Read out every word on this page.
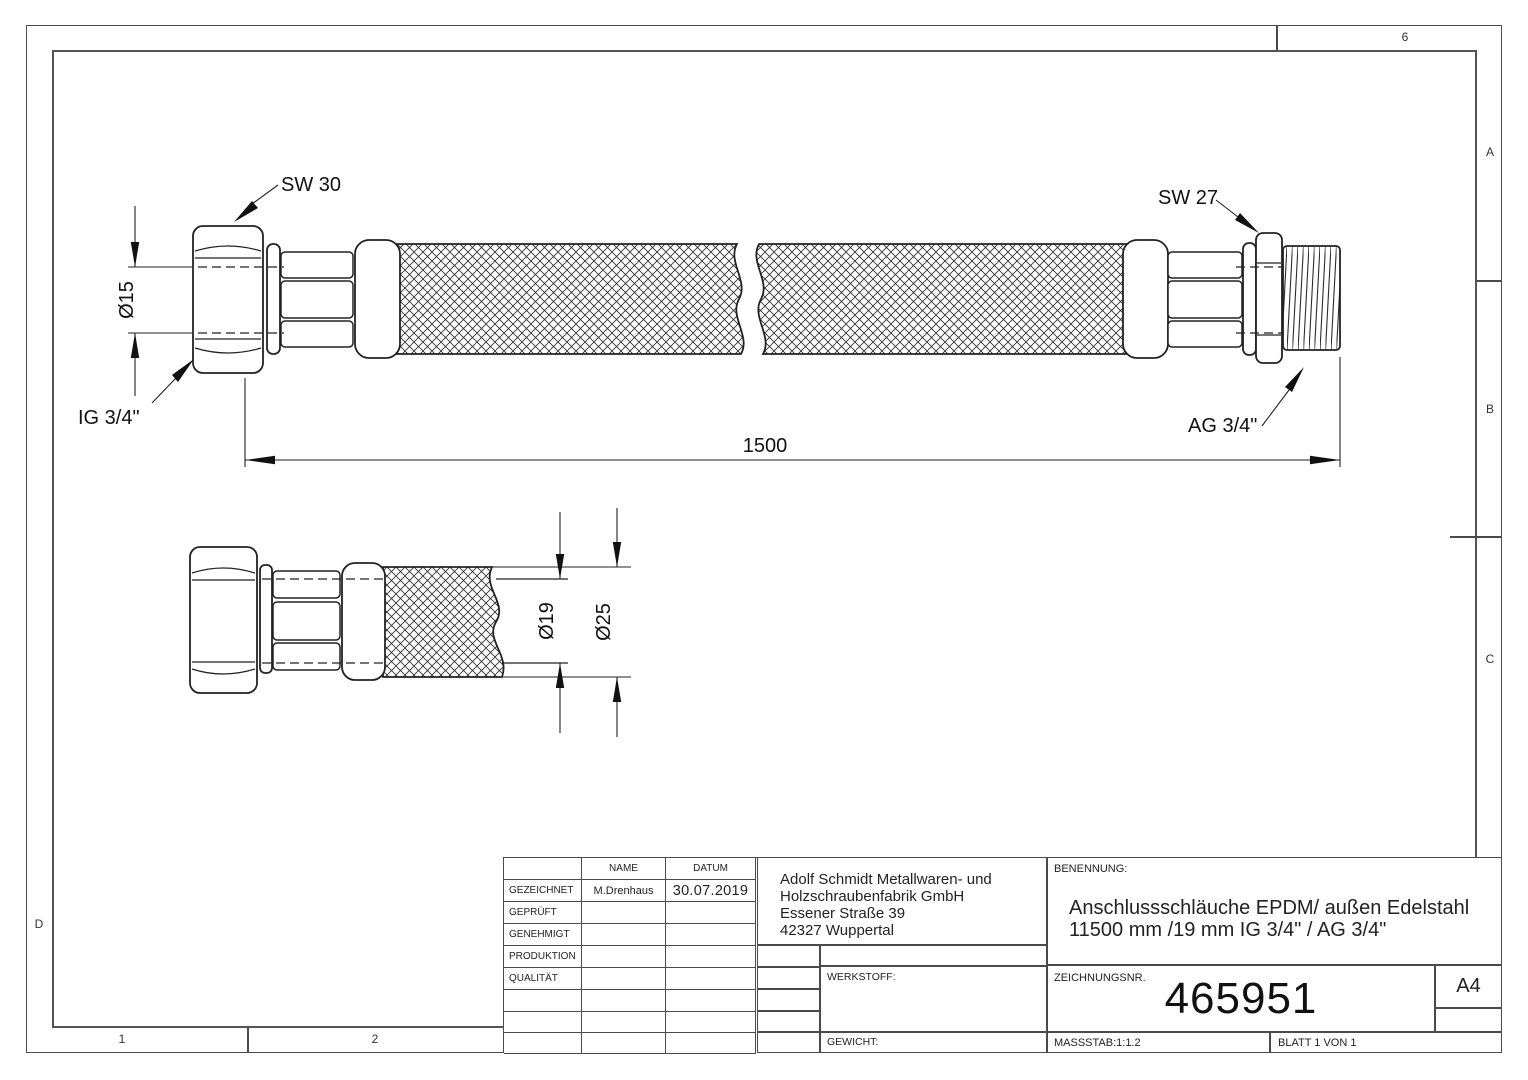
6
A
B
C
D
1	2
Ø15
1500
SW 30
IG 3/4"
SW 27
AG 3/4"
Ø19 Ø25
NAME	DATUM
GEZEICHNET	M.Drenhaus	30.07.2019
GEPRÜFT
GENEHMIGT
PRODUKTION
QUALITÄT
Adolf Schmidt Metallwaren- und
Holzschraubenfabrik GmbH
Essener Straße 39
42327 Wuppertal
WERKSTOFF:
GEWICHT:
BENENNUNG:
Anschlussschläuche EPDM/ außen Edelstahl
11500 mm /19 mm IG 3/4" / AG 3/4"
ZEICHNUNGSNR. 465951	A4
MASSSTAB:1:1.2	BLATT 1 VON 1
